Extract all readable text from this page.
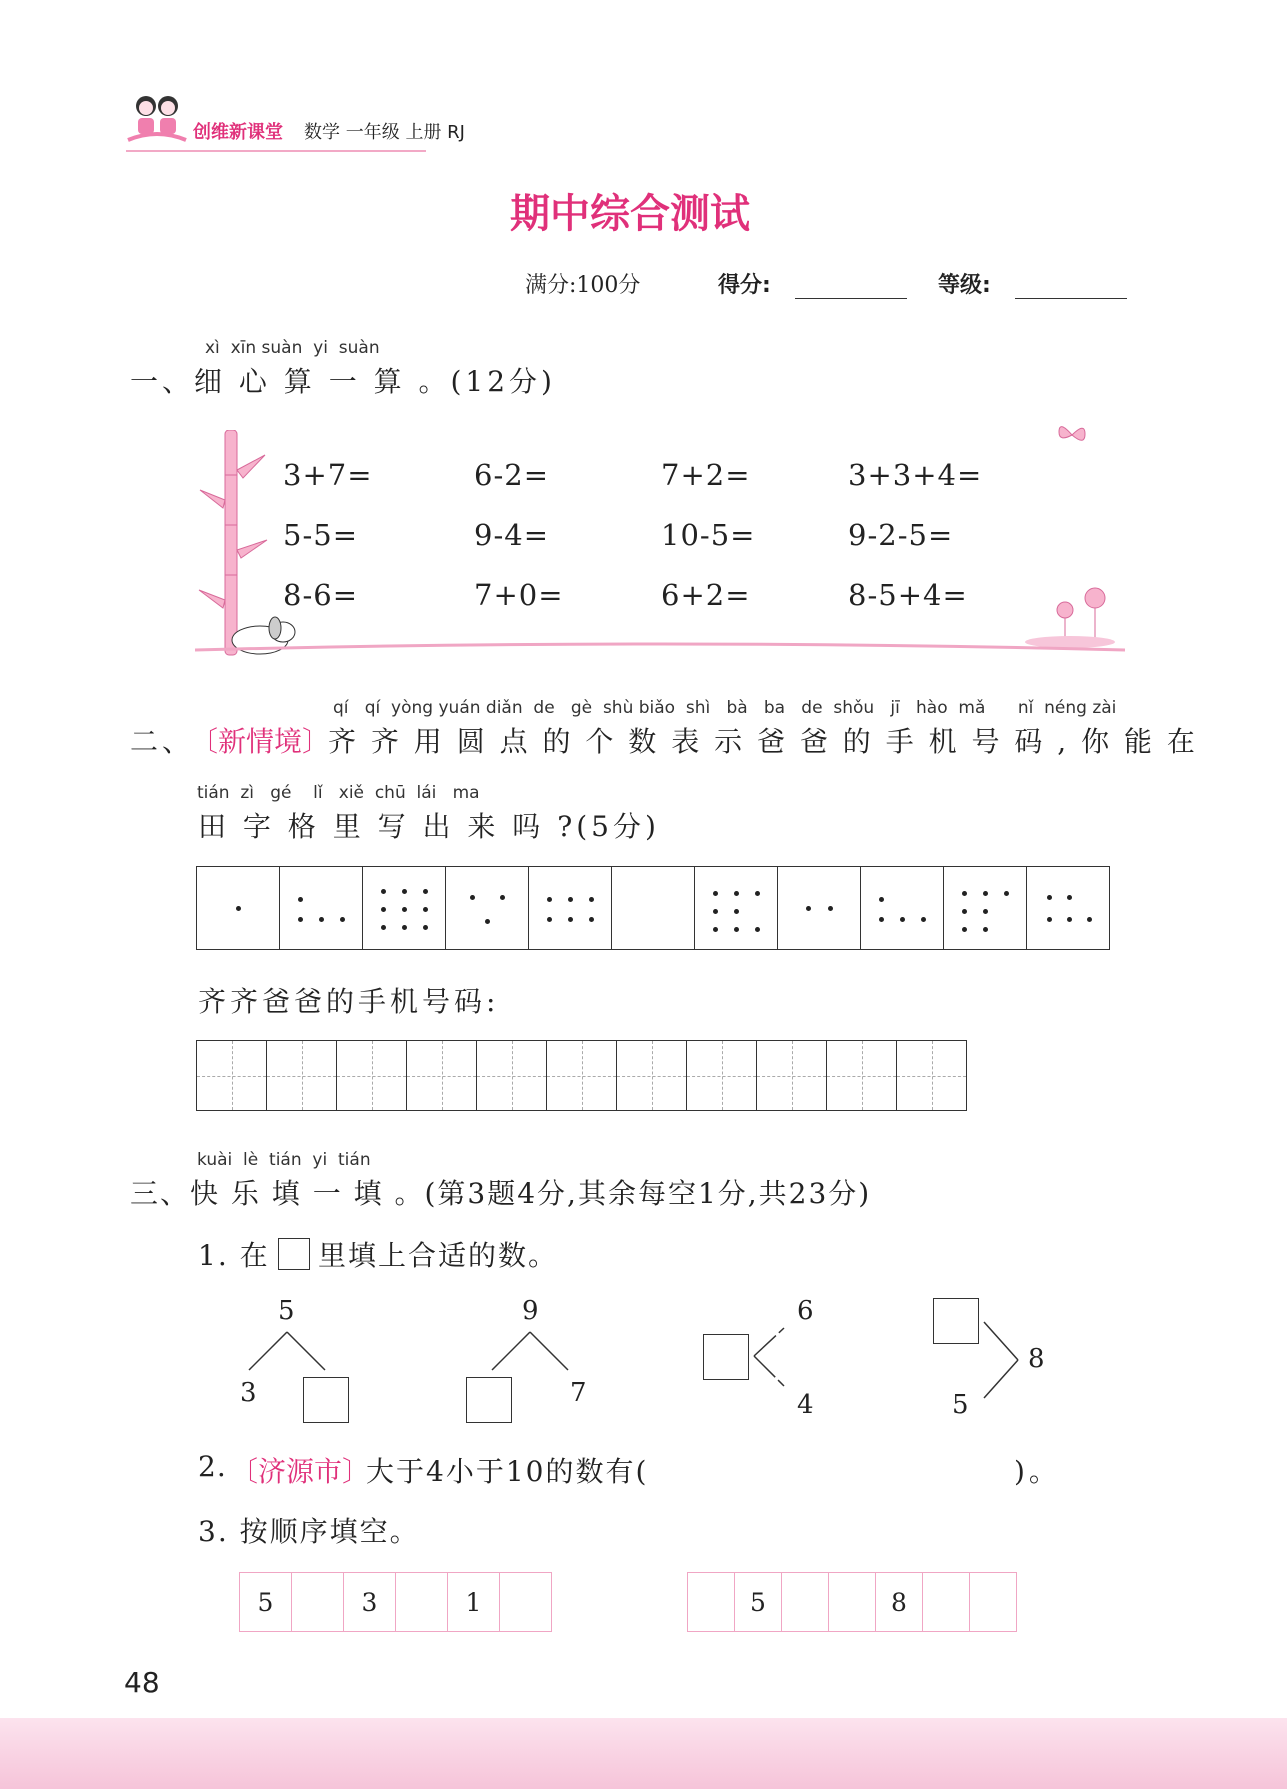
创维新课堂 数学 一年级 上册 RJ
期中综合测试
满分:100分	得分:	等级:
xì  xīn suàn  yi  suàn
一、细 心 算 一 算 。(12分)
3+7=	6-2=	7+2=	3+3+4=
5-5=	9-4=	10-5=	9-2-5=
8-6=	7+0=	6+2=	8-5+4=
qí   qí  yòng yuán diǎn  de   gè  shù biǎo  shì   bà   ba   de  shǒu   jī   hào  mǎ      nǐ  néng zài
二、
〔新情境〕
齐 齐 用 圆 点 的 个 数 表 示 爸 爸 的 手 机 号 码 , 你 能 在
tián  zì   gé    lǐ   xiě  chū  lái   ma
田 字 格 里 写 出 来 吗 ?(5分)

齐齐爸爸的手机号码:

kuài  lè  tián  yi  tián
三、快 乐 填 一 填 。(第3题4分,其余每空1分,共23分)
1. 在 里填上合适的数。
5
3
9
7
6
4
8
5
2. 〔济源市〕
大于4小于10的数有(	)。
3. 按顺序填空。
5		3		1	
		5			8		
48
